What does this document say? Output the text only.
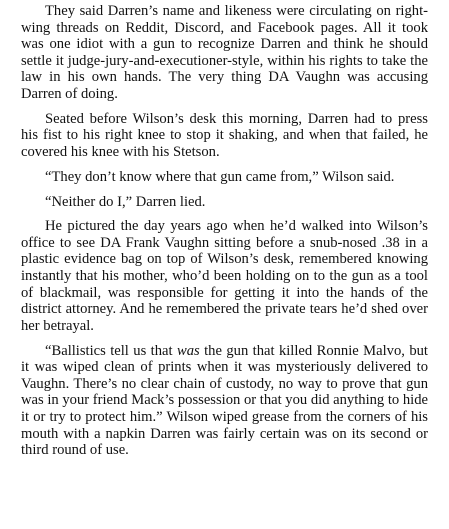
They said Darren’s name and likeness were circulating on right-wing threads on Reddit, Discord, and Facebook pages. All it took was one idiot with a gun to recognize Darren and think he should settle it judge-jury-and-executioner-style, within his rights to take the law in his own hands. The very thing DA Vaughn was accusing Darren of doing.

Seated before Wilson’s desk this morning, Darren had to press his fist to his right knee to stop it shaking, and when that failed, he covered his knee with his Stetson.

“They don’t know where that gun came from,” Wilson said.

“Neither do I,” Darren lied.

He pictured the day years ago when he’d walked into Wilson’s office to see DA Frank Vaughn sitting before a snub-nosed .38 in a plastic evidence bag on top of Wilson’s desk, remembered knowing instantly that his mother, who’d been holding on to the gun as a tool of blackmail, was responsible for getting it into the hands of the district attorney. And he remembered the private tears he’d shed over her betrayal.

“Ballistics tell us that was the gun that killed Ronnie Malvo, but it was wiped clean of prints when it was mysteriously delivered to Vaughn. There’s no clear chain of custody, no way to prove that gun was in your friend Mack’s possession or that you did anything to hide it or try to protect him.” Wilson wiped grease from the corners of his mouth with a napkin Darren was fairly certain was on its second or third round of use.
